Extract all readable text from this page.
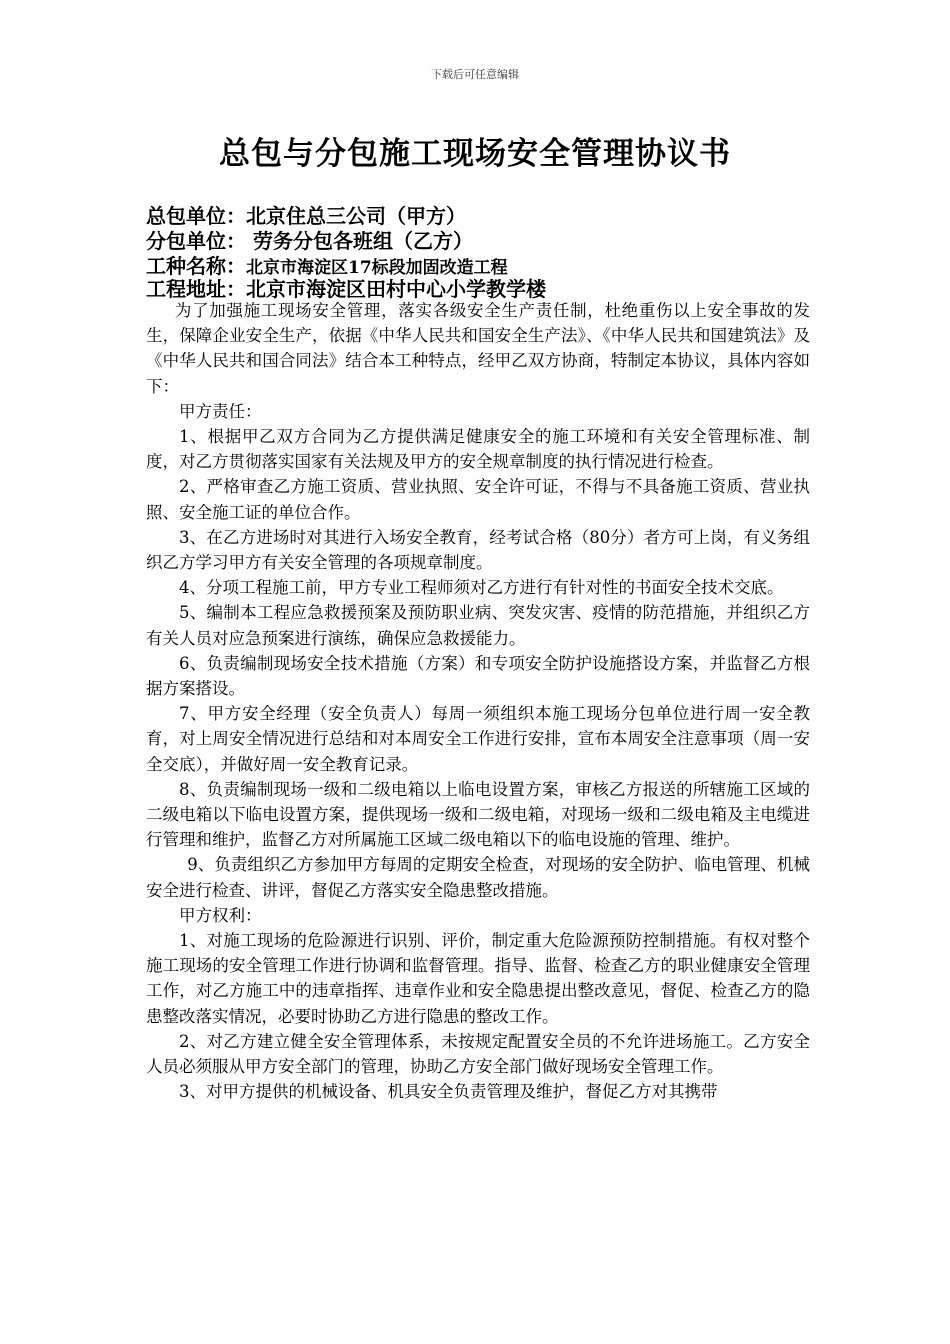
下载后可任意编辑
总包与分包施工现场安全管理协议书
总包单位：北京住总三公司（甲方）
分包单位： 劳务分包各班组（乙方）
工种名称：北京市海淀区17标段加固改造工程
工程地址：北京市海淀区田村中心小学教学楼

为了加强施工现场安全管理，落实各级安全生产责任制，杜绝重伤以上安全事故的发生，保障企业安全生产，依据《中华人民共和国安全生产法》、《中华人民共和国建筑法》及《中华人民共和国合同法》结合本工种特点，经甲乙双方协商，特制定本协议，具体内容如下：

甲方责任：

1、根据甲乙双方合同为乙方提供满足健康安全的施工环境和有关安全管理标准、制度，对乙方贯彻落实国家有关法规及甲方的安全规章制度的执行情况进行检查。

2、严格审查乙方施工资质、营业执照、安全许可证，不得与不具备施工资质、营业执照、安全施工证的单位合作。

3、在乙方进场时对其进行入场安全教育，经考试合格（80分）者方可上岗，有义务组织乙方学习甲方有关安全管理的各项规章制度。

4、分项工程施工前，甲方专业工程师须对乙方进行有针对性的书面安全技术交底。

5、编制本工程应急救援预案及预防职业病、突发灾害、疫情的防范措施，并组织乙方有关人员对应急预案进行演练，确保应急救援能力。

6、负责编制现场安全技术措施（方案）和专项安全防护设施搭设方案，并监督乙方根据方案搭设。

7、甲方安全经理（安全负责人）每周一须组织本施工现场分包单位进行周一安全教育，对上周安全情况进行总结和对本周安全工作进行安排，宣布本周安全注意事项（周一安全交底），并做好周一安全教育记录。

8、负责编制现场一级和二级电箱以上临电设置方案，审核乙方报送的所辖施工区域的二级电箱以下临电设置方案，提供现场一级和二级电箱，对现场一级和二级电箱及主电缆进行管理和维护，监督乙方对所属施工区域二级电箱以下的临电设施的管理、维护。

9、负责组织乙方参加甲方每周的定期安全检查，对现场的安全防护、临电管理、机械安全进行检查、讲评，督促乙方落实安全隐患整改措施。

甲方权利：

1、对施工现场的危险源进行识别、评价，制定重大危险源预防控制措施。有权对整个施工现场的安全管理工作进行协调和监督管理。指导、监督、检查乙方的职业健康安全管理工作，对乙方施工中的违章指挥、违章作业和安全隐患提出整改意见，督促、检查乙方的隐患整改落实情况，必要时协助乙方进行隐患的整改工作。

2、对乙方建立健全安全管理体系，未按规定配置安全员的不允许进场施工。乙方安全人员必须服从甲方安全部门的管理，协助乙方安全部门做好现场安全管理工作。

3、对甲方提供的机械设备、机具安全负责管理及维护，督促乙方对其携带
